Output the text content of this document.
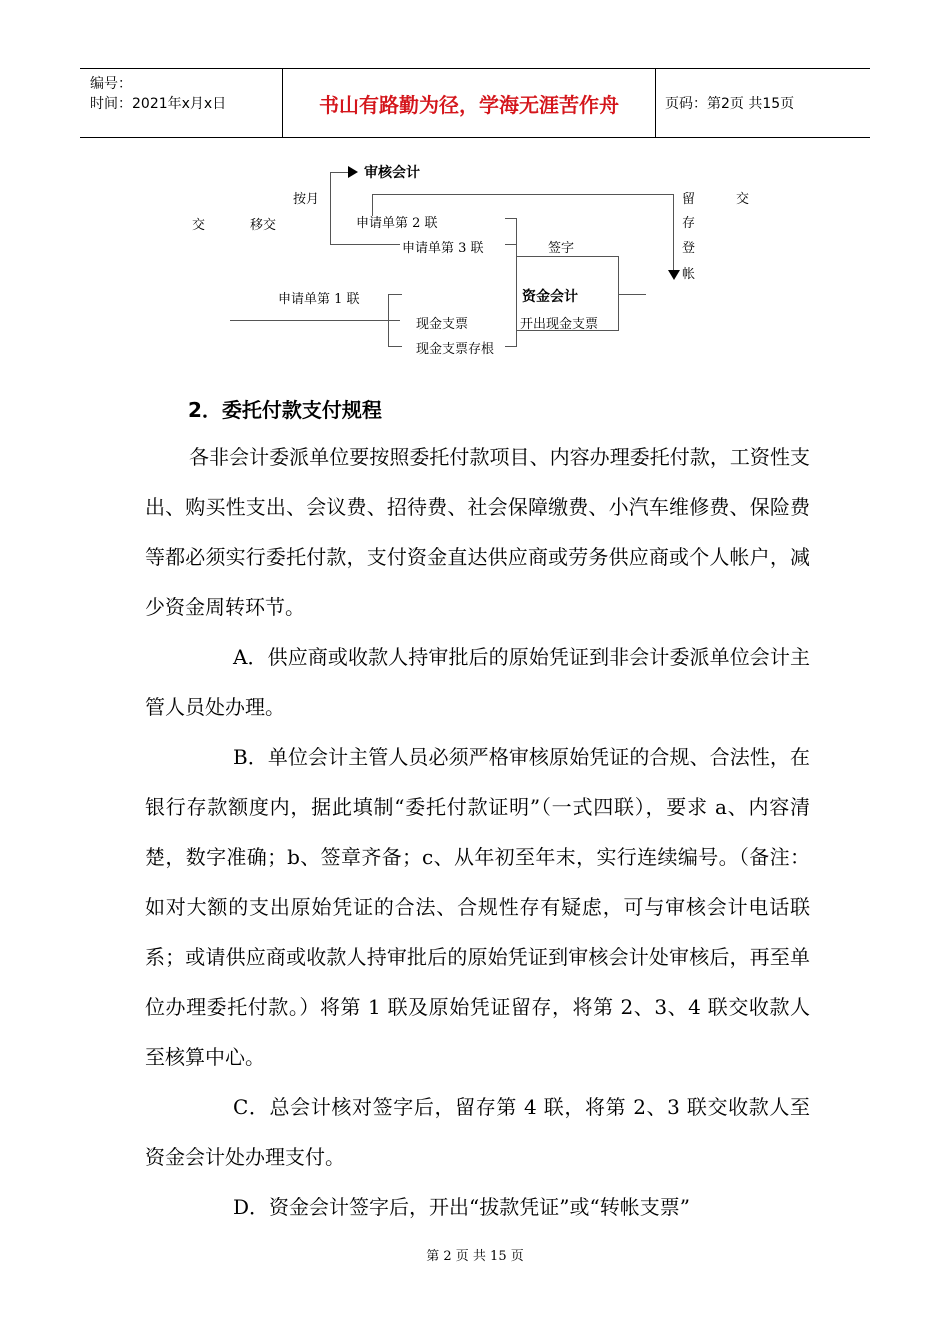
编号：
时间：2021年x月x日	书山有路勤为径，学海无涯苦作舟	页码：第2页 共15页
审核会计
按月
交	移交	申请单第 2 联
申请单第 3 联	签字
留
存
登
帐
交
申请单第 1 联	资金会计
现金支票	开出现金支票
现金支票存根
2．委托付款支付规程

各非会计委派单位要按照委托付款项目、内容办理委托付款，工资性支出、购买性支出、会议费、招待费、社会保障缴费、小汽车维修费、保险费等都必须实行委托付款，支付资金直达供应商或劳务供应商或个人帐户，减少资金周转环节。

A．供应商或收款人持审批后的原始凭证到非会计委派单位会计主管人员处办理。

B．单位会计主管人员必须严格审核原始凭证的合规、合法性，在银行存款额度内，据此填制“委托付款证明”（一式四联），要求 a、内容清楚，数字准确；b、签章齐备；c、从年初至年末，实行连续编号。（备注：如对大额的支出原始凭证的合法、合规性存有疑虑，可与审核会计电话联系；或请供应商或收款人持审批后的原始凭证到审核会计处审核后，再至单位办理委托付款。）将第 1 联及原始凭证留存，将第 2、3、4 联交收款人至核算中心。

C．总会计核对签字后，留存第 4 联，将第 2、3 联交收款人至资金会计处办理支付。

D．资金会计签字后，开出“拔款凭证”或“转帐支票”

第 2 页 共 15 页
